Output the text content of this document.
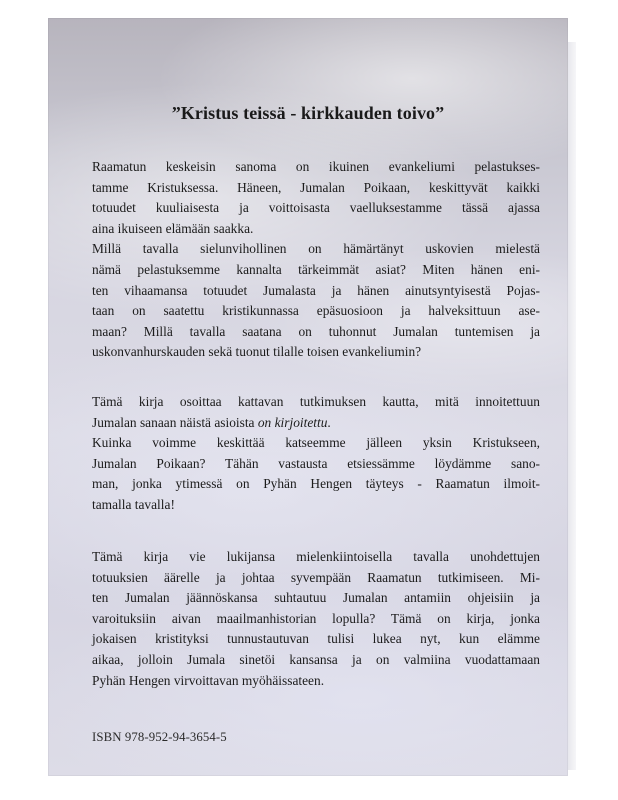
”Kristus teissä - kirkkauden toivo”
Raamatun keskeisin sanoma on ikuinen evankeliumi pelastukses-
tamme Kristuksessa. Häneen, Jumalan Poikaan, keskittyvät kaikki
totuudet kuuliaisesta ja voittoisasta vaelluksestamme tässä ajassa
aina ikuiseen elämään saakka.
Millä tavalla sielunvihollinen on hämärtänyt uskovien mielestä
nämä pelastuksemme kannalta tärkeimmät asiat? Miten hänen eni-
ten vihaamansa totuudet Jumalasta ja hänen ainutsyntyisestä Pojas-
taan on saatettu kristikunnassa epäsuosioon ja halveksittuun ase-
maan? Millä tavalla saatana on tuhonnut Jumalan tuntemisen ja
uskonvanhurskauden sekä tuonut tilalle toisen evankeliumin?
Tämä kirja osoittaa kattavan tutkimuksen kautta, mitä innoitettuun
Jumalan sanaan näistä asioista on kirjoitettu.
Kuinka voimme keskittää katseemme jälleen yksin Kristukseen,
Jumalan Poikaan? Tähän vastausta etsiessämme löydämme sano-
man, jonka ytimessä on Pyhän Hengen täyteys - Raamatun ilmoit-
tamalla tavalla!
Tämä kirja vie lukijansa mielenkiintoisella tavalla unohdettujen
totuuksien äärelle ja johtaa syvempään Raamatun tutkimiseen. Mi-
ten Jumalan jäännöskansa suhtautuu Jumalan antamiin ohjeisiin ja
varoituksiin aivan maailmanhistorian lopulla? Tämä on kirja, jonka
jokaisen kristityksi tunnustautuvan tulisi lukea nyt, kun elämme
aikaa, jolloin Jumala sinetöi kansansa ja on valmiina vuodattamaan
Pyhän Hengen virvoittavan myöhäissateen.
ISBN 978-952-94-3654-5
